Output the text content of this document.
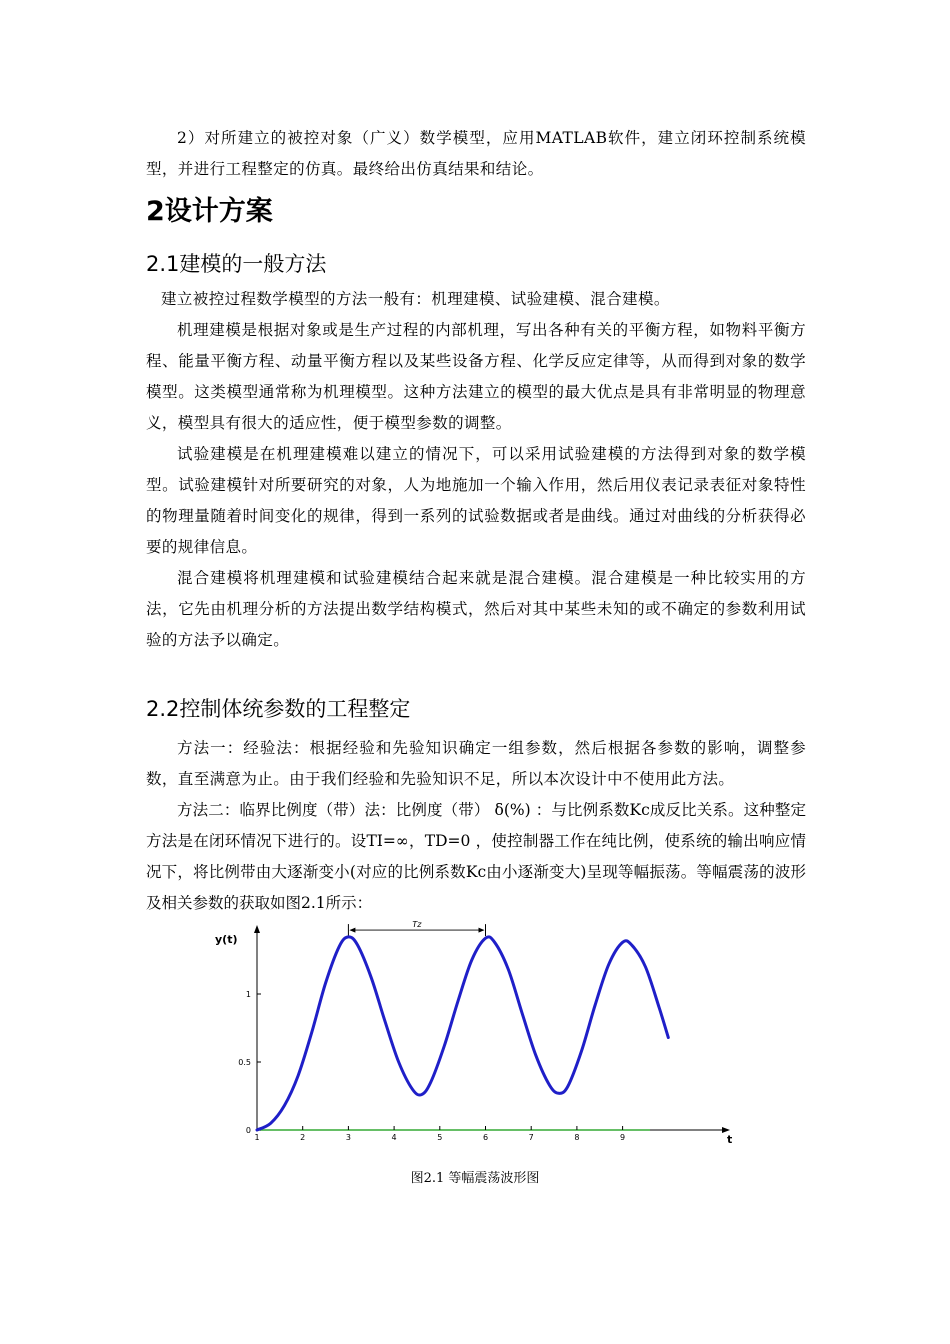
2）对所建立的被控对象（广义）数学模型，应用MATLAB软件，建立闭环控制系统模型，并进行工程整定的仿真。最终给出仿真结果和结论。
2设计方案
2.1建模的一般方法
建立被控过程数学模型的方法一般有：机理建模、试验建模、混合建模。
机理建模是根据对象或是生产过程的内部机理，写出各种有关的平衡方程，如物料平衡方程、能量平衡方程、动量平衡方程以及某些设备方程、化学反应定律等，从而得到对象的数学模型。这类模型通常称为机理模型。这种方法建立的模型的最大优点是具有非常明显的物理意义，模型具有很大的适应性，便于模型参数的调整。
试验建模是在机理建模难以建立的情况下，可以采用试验建模的方法得到对象的数学模型。试验建模针对所要研究的对象，人为地施加一个输入作用，然后用仪表记录表征对象特性的物理量随着时间变化的规律，得到一系列的试验数据或者是曲线。通过对曲线的分析获得必要的规律信息。
混合建模将机理建模和试验建模结合起来就是混合建模。混合建模是一种比较实用的方法，它先由机理分析的方法提出数学结构模式，然后对其中某些未知的或不确定的参数利用试验的方法予以确定。
2.2控制体统参数的工程整定
方法一：经验法：根据经验和先验知识确定一组参数，然后根据各参数的影响，调整参数，直至满意为止。由于我们经验和先验知识不足，所以本次设计中不使用此方法。
方法二：临界比例度（带）法：比例度（带） δ(%) ：与比例系数Kc成反比关系。这种整定方法是在闭环情况下进行的。设TI=∞，TD=0 ，使控制器工作在纯比例，使系统的输出响应情况下，将比例带由大逐渐变小(对应的比例系数Kc由小逐渐变大)呈现等幅振荡。等幅震荡的波形及相关参数的获取如图2.1所示：
y(t)
t
Tz
0
0.5
1
1	2	3	4	5	6	7	8	9
图2.1 等幅震荡波形图
